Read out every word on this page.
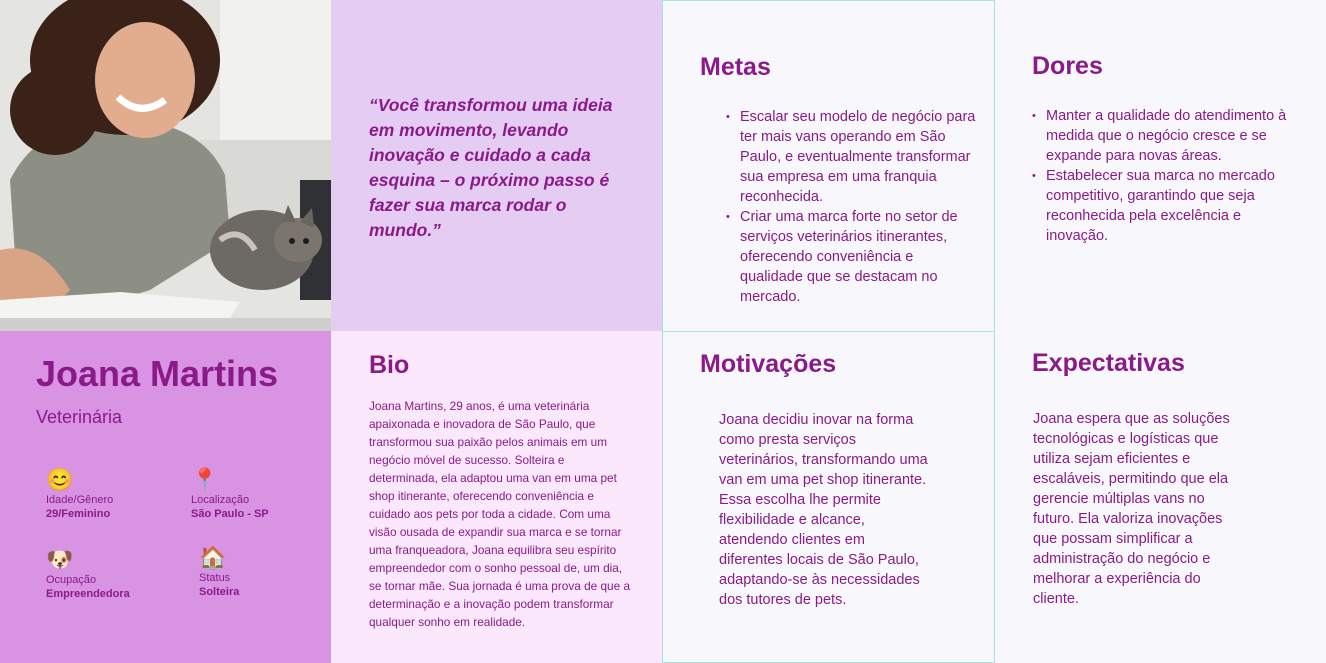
“Você transformou uma ideia em movimento, levando inovação e cuidado a cada esquina – o próximo passo é fazer sua marca rodar o mundo.”

Metas
• Escalar seu modelo de negócio para ter mais vans operando em São Paulo, e eventualmente transformar sua empresa em uma franquia reconhecida.
• Criar uma marca forte no setor de serviços veterinários itinerantes, oferecendo conveniência e qualidade que se destacam no mercado.
Dores
• Manter a qualidade do atendimento à medida que o negócio cresce e se expande para novas áreas.
• Estabelecer sua marca no mercado competitivo, garantindo que seja reconhecida pela excelência e inovação.
Joana Martins
Veterinária
😊
Idade/Gênero
29/Feminino
📍
Localização
São Paulo - SP
🐶
Ocupação
Empreendedora
🏠
Status
Solteira
Bio
Joana Martins, 29 anos, é uma veterinária apaixonada e inovadora de São Paulo, que transformou sua paixão pelos animais em um negócio móvel de sucesso. Solteira e determinada, ela adaptou uma van em uma pet shop itinerante, oferecendo conveniência e cuidado aos pets por toda a cidade. Com uma visão ousada de expandir sua marca e se tornar uma franqueadora, Joana equilibra seu espírito empreendedor com o sonho pessoal de, um dia, se tornar mãe. Sua jornada é uma prova de que a determinação e a inovação podem transformar qualquer sonho em realidade.
Motivações
Joana decidiu inovar na forma como presta serviços veterinários, transformando uma van em uma pet shop itinerante. Essa escolha lhe permite flexibilidade e alcance, atendendo clientes em diferentes locais de São Paulo, adaptando-se às necessidades dos tutores de pets.
Expectativas
Joana espera que as soluções tecnológicas e logísticas que utiliza sejam eficientes e escaláveis, permitindo que ela gerencie múltiplas vans no futuro. Ela valoriza inovações que possam simplificar a administração do negócio e melhorar a experiência do cliente.
